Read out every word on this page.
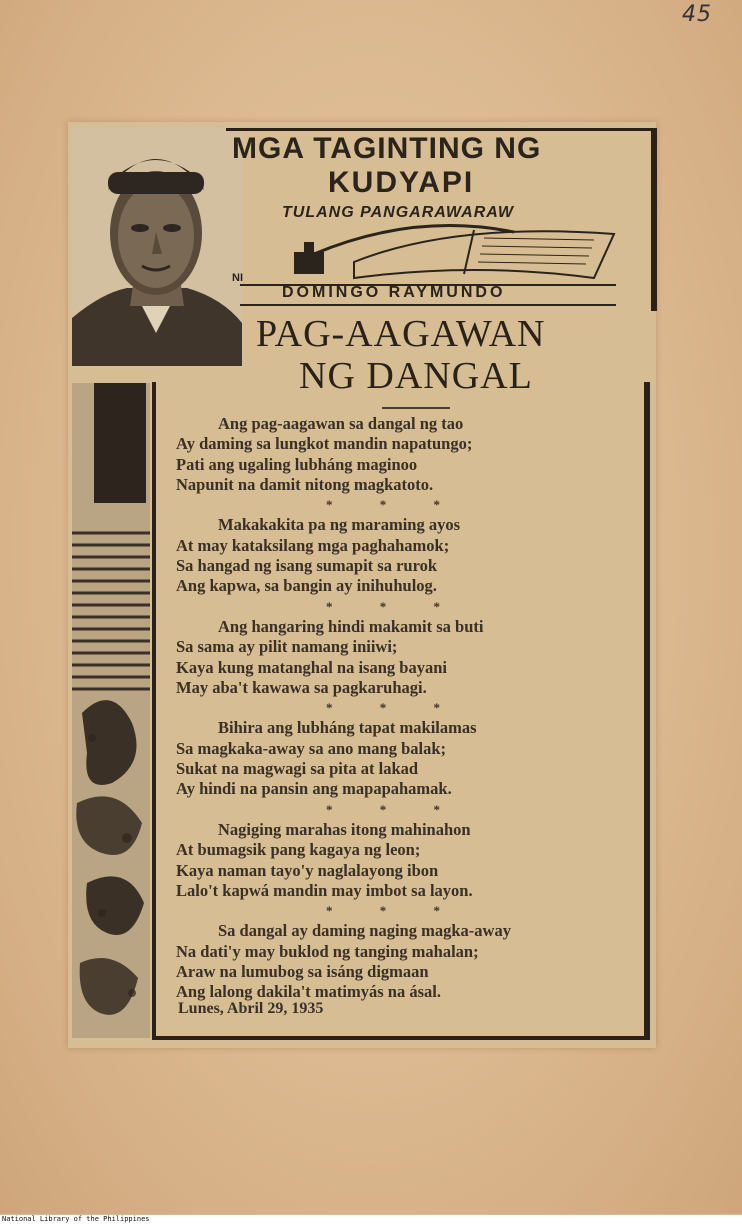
45
MGA TAGINTING NG
KUDYAPI
TULANG PANGARAWARAW
NI
DOMINGO RAYMUNDO
PAG-AAGAWAN
NG DANGAL
Ang pag-aagawan sa dangal ng tao
Ay daming sa lungkot mandin napatungo;
Pati ang ugaling lubháng maginoo
Napunit na damit nitong magkatoto.
* * *
Makakakita pa ng maraming ayos
At may kataksilang mga paghahamok;
Sa hangad ng isang sumapit sa rurok
Ang kapwa, sa bangin ay inihuhulog.
* * *
Ang hangaring hindi makamit sa buti
Sa sama ay pilit namang iniiwi;
Kaya kung matanghal na isang bayani
May aba't kawawa sa pagkaruhagi.
* * *
Bihira ang lubháng tapat makilamas
Sa magkaka-away sa ano mang balak;
Sukat na magwagi sa pita at lakad
Ay hindi na pansin ang mapapahamak.
* * *
Nagiging marahas itong mahinahon
At bumagsik pang kagaya ng leon;
Kaya naman tayo'y naglalayong ibon
Lalo't kapwá mandin may imbot sa layon.
* * *
Sa dangal ay daming naging magka-away
Na dati'y may buklod ng tanging mahalan;
Araw na lumubog sa isáng digmaan
Ang lalong dakila't matimyás na ásal.
Lunes, Abril 29, 1935
National Library of the Philippines
